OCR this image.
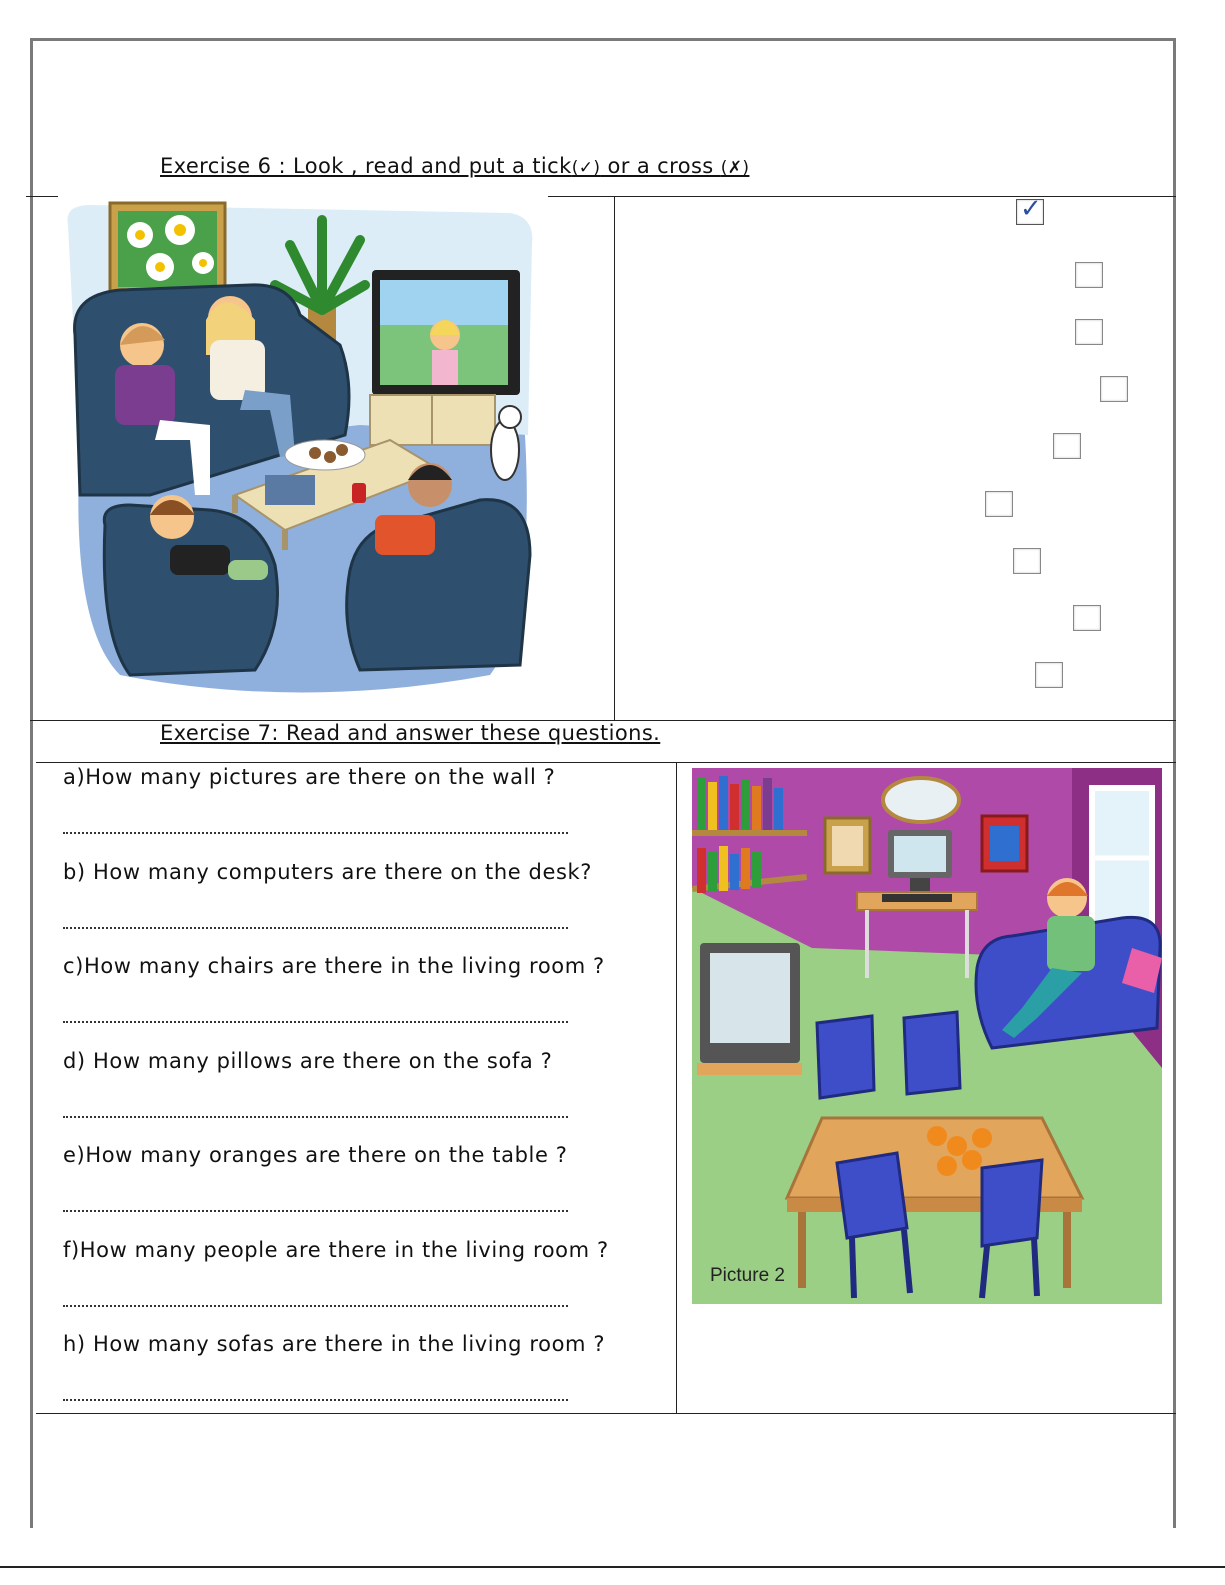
Exercise 6 : Look , read and put a tick(✓) or a cross (✗)
✓
Exercise 7: Read and answer these questions.
a)How many pictures are there on the wall ?
b) How many computers are there on the desk?
c)How many chairs are there in the living room ?
d) How many pillows are there on the sofa ?
e)How many oranges are there on the table ?
f)How many people are there in the living room ?
h) How many sofas are there in the living room ?
Picture 2
